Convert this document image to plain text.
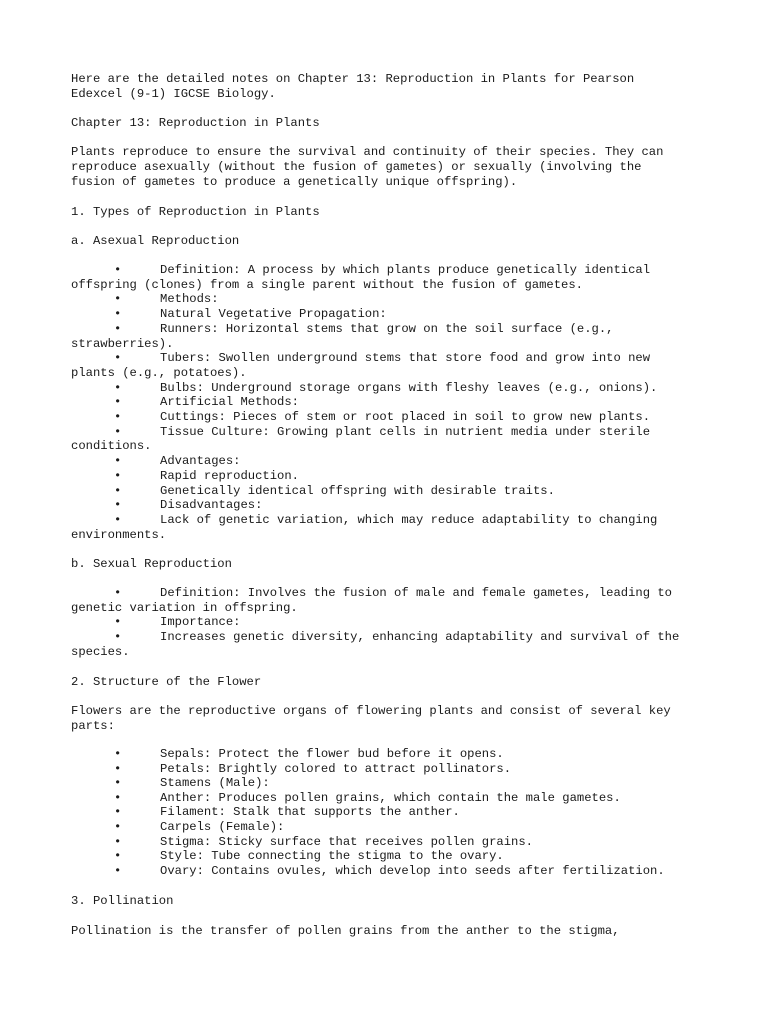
Here are the detailed notes on Chapter 13: Reproduction in Plants for Pearson
Edexcel (9-1) IGCSE Biology.
Chapter 13: Reproduction in Plants
Plants reproduce to ensure the survival and continuity of their species. They can
reproduce asexually (without the fusion of gametes) or sexually (involving the
fusion of gametes to produce a genetically unique offspring).
1. Types of Reproduction in Plants
a. Asexual Reproduction
•	Definition: A process by which plants produce genetically identical
offspring (clones) from a single parent without the fusion of gametes.
•	Methods:
•	Natural Vegetative Propagation:
•	Runners: Horizontal stems that grow on the soil surface (e.g.,
strawberries).
•	Tubers: Swollen underground stems that store food and grow into new
plants (e.g., potatoes).
•	Bulbs: Underground storage organs with fleshy leaves (e.g., onions).
•	Artificial Methods:
•	Cuttings: Pieces of stem or root placed in soil to grow new plants.
•	Tissue Culture: Growing plant cells in nutrient media under sterile
conditions.
•	Advantages:
•	Rapid reproduction.
•	Genetically identical offspring with desirable traits.
•	Disadvantages:
•	Lack of genetic variation, which may reduce adaptability to changing
environments.
b. Sexual Reproduction
•	Definition: Involves the fusion of male and female gametes, leading to
genetic variation in offspring.
•	Importance:
•	Increases genetic diversity, enhancing adaptability and survival of the
species.
2. Structure of the Flower
Flowers are the reproductive organs of flowering plants and consist of several key
parts:
•	Sepals: Protect the flower bud before it opens.
•	Petals: Brightly colored to attract pollinators.
•	Stamens (Male):
•	Anther: Produces pollen grains, which contain the male gametes.
•	Filament: Stalk that supports the anther.
•	Carpels (Female):
•	Stigma: Sticky surface that receives pollen grains.
•	Style: Tube connecting the stigma to the ovary.
•	Ovary: Contains ovules, which develop into seeds after fertilization.
3. Pollination
Pollination is the transfer of pollen grains from the anther to the stigma,
